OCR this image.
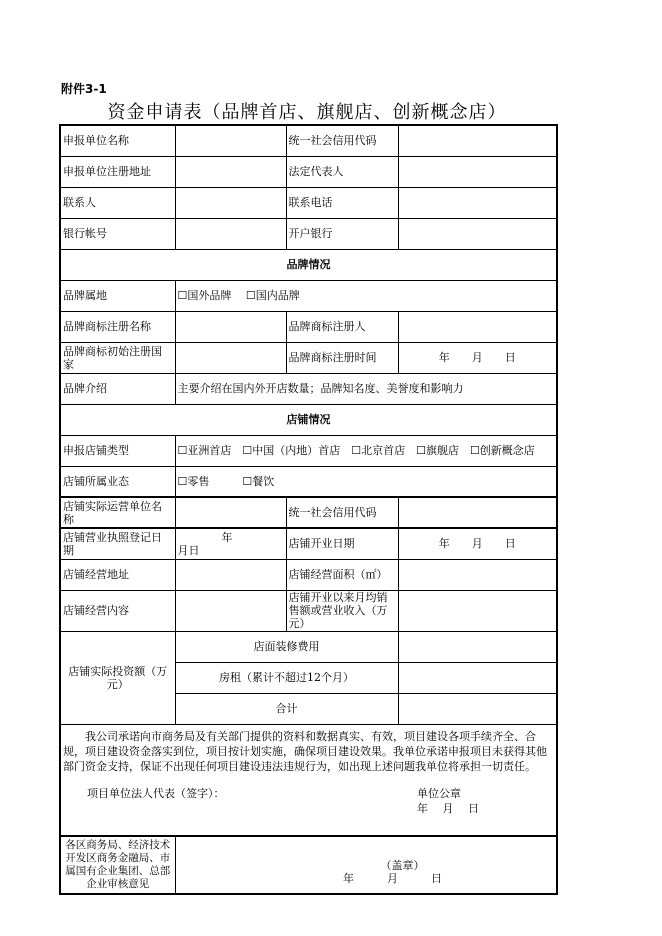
附件3-1
资金申请表（品牌首店、旗舰店、创新概念店）
申报单位名称		统一社会信用代码	
申报单位注册地址		法定代表人	
联系人		联系电话	
银行帐号		开户银行	
品牌情况			
品牌属地	☐国外品牌　 ☐国内品牌		
品牌商标注册名称		品牌商标注册人	
品牌商标初始注册国家		品牌商标注册时间	年　　月　　日
品牌介绍	主要介绍在国内外开店数量；品牌知名度、美誉度和影响力		
店铺情况			
申报店铺类型	☐亚洲首店　☐中国（内地）首店　☐北京首店　☐旗舰店　☐创新概念店		
店铺所属业态	☐零售　　　☐餐饮		
店铺实际运营单位名称		统一社会信用代码	
店铺营业执照登记日期	　　　　年　　　　月日	店铺开业日期	年　　月　　日
店铺经营地址		店铺经营面积（㎡）	
店铺经营内容		店铺开业以来月均销售额或营业收入（万元）	
店铺实际投资额（万元）	店面装修费用		
	房租（累计不超过12个月）		
	合计		

我公司承诺向市商务局及有关部门提供的资料和数据真实、有效，项目建设各项手续齐全、合规，项目建设资金落实到位，项目按计划实施，确保项目建设效果。我单位承诺申报项目未获得其他部门资金支持，保证不出现任何项目建设违法违规行为，如出现上述问题我单位将承担一切责任。

项目单位法人代表（签字）： 单位公章
年　 月　 日			

各区商务局、经济技术开发区商务金融局、市属国有企业集团、总部企业审核意见	（盖章）
年　　　月　　　日		
